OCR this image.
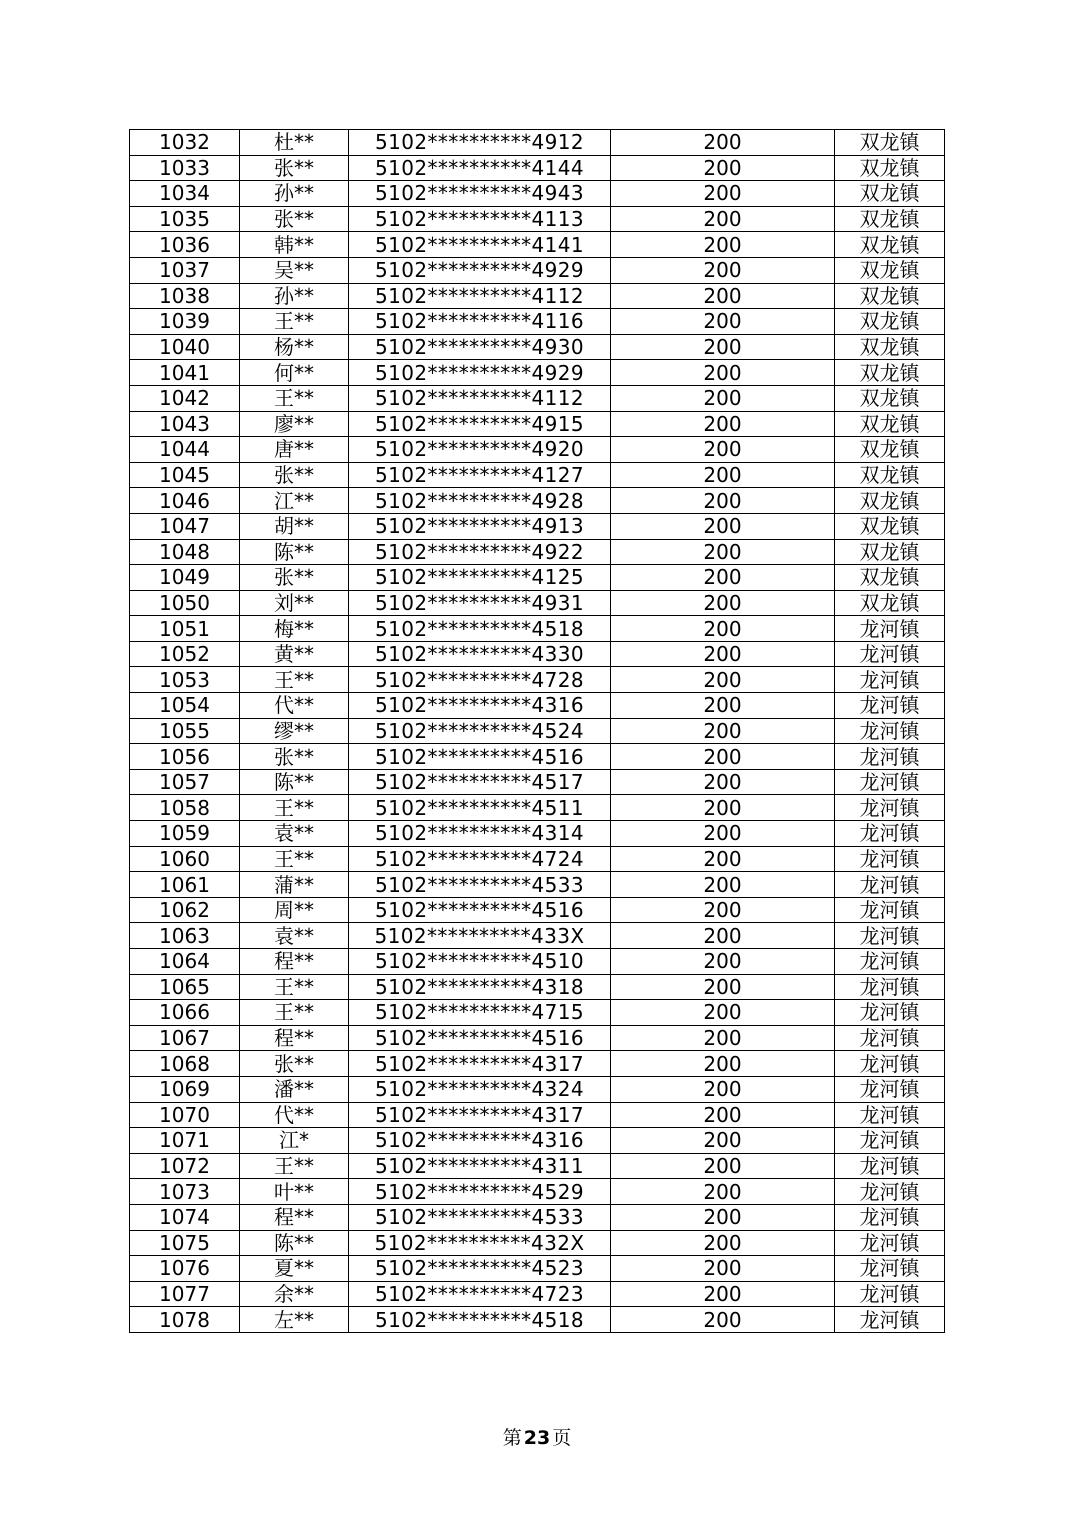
1032	杜**	5102**********4912	200	双龙镇
1033	张**	5102**********4144	200	双龙镇
1034	孙**	5102**********4943	200	双龙镇
1035	张**	5102**********4113	200	双龙镇
1036	韩**	5102**********4141	200	双龙镇
1037	吴**	5102**********4929	200	双龙镇
1038	孙**	5102**********4112	200	双龙镇
1039	王**	5102**********4116	200	双龙镇
1040	杨**	5102**********4930	200	双龙镇
1041	何**	5102**********4929	200	双龙镇
1042	王**	5102**********4112	200	双龙镇
1043	廖**	5102**********4915	200	双龙镇
1044	唐**	5102**********4920	200	双龙镇
1045	张**	5102**********4127	200	双龙镇
1046	江**	5102**********4928	200	双龙镇
1047	胡**	5102**********4913	200	双龙镇
1048	陈**	5102**********4922	200	双龙镇
1049	张**	5102**********4125	200	双龙镇
1050	刘**	5102**********4931	200	双龙镇
1051	梅**	5102**********4518	200	龙河镇
1052	黄**	5102**********4330	200	龙河镇
1053	王**	5102**********4728	200	龙河镇
1054	代**	5102**********4316	200	龙河镇
1055	缪**	5102**********4524	200	龙河镇
1056	张**	5102**********4516	200	龙河镇
1057	陈**	5102**********4517	200	龙河镇
1058	王**	5102**********4511	200	龙河镇
1059	袁**	5102**********4314	200	龙河镇
1060	王**	5102**********4724	200	龙河镇
1061	蒲**	5102**********4533	200	龙河镇
1062	周**	5102**********4516	200	龙河镇
1063	袁**	5102**********433X	200	龙河镇
1064	程**	5102**********4510	200	龙河镇
1065	王**	5102**********4318	200	龙河镇
1066	王**	5102**********4715	200	龙河镇
1067	程**	5102**********4516	200	龙河镇
1068	张**	5102**********4317	200	龙河镇
1069	潘**	5102**********4324	200	龙河镇
1070	代**	5102**********4317	200	龙河镇
1071	江*	5102**********4316	200	龙河镇
1072	王**	5102**********4311	200	龙河镇
1073	叶**	5102**********4529	200	龙河镇
1074	程**	5102**********4533	200	龙河镇
1075	陈**	5102**********432X	200	龙河镇
1076	夏**	5102**********4523	200	龙河镇
1077	余**	5102**********4723	200	龙河镇
1078	左**	5102**********4518	200	龙河镇
第 23 页
